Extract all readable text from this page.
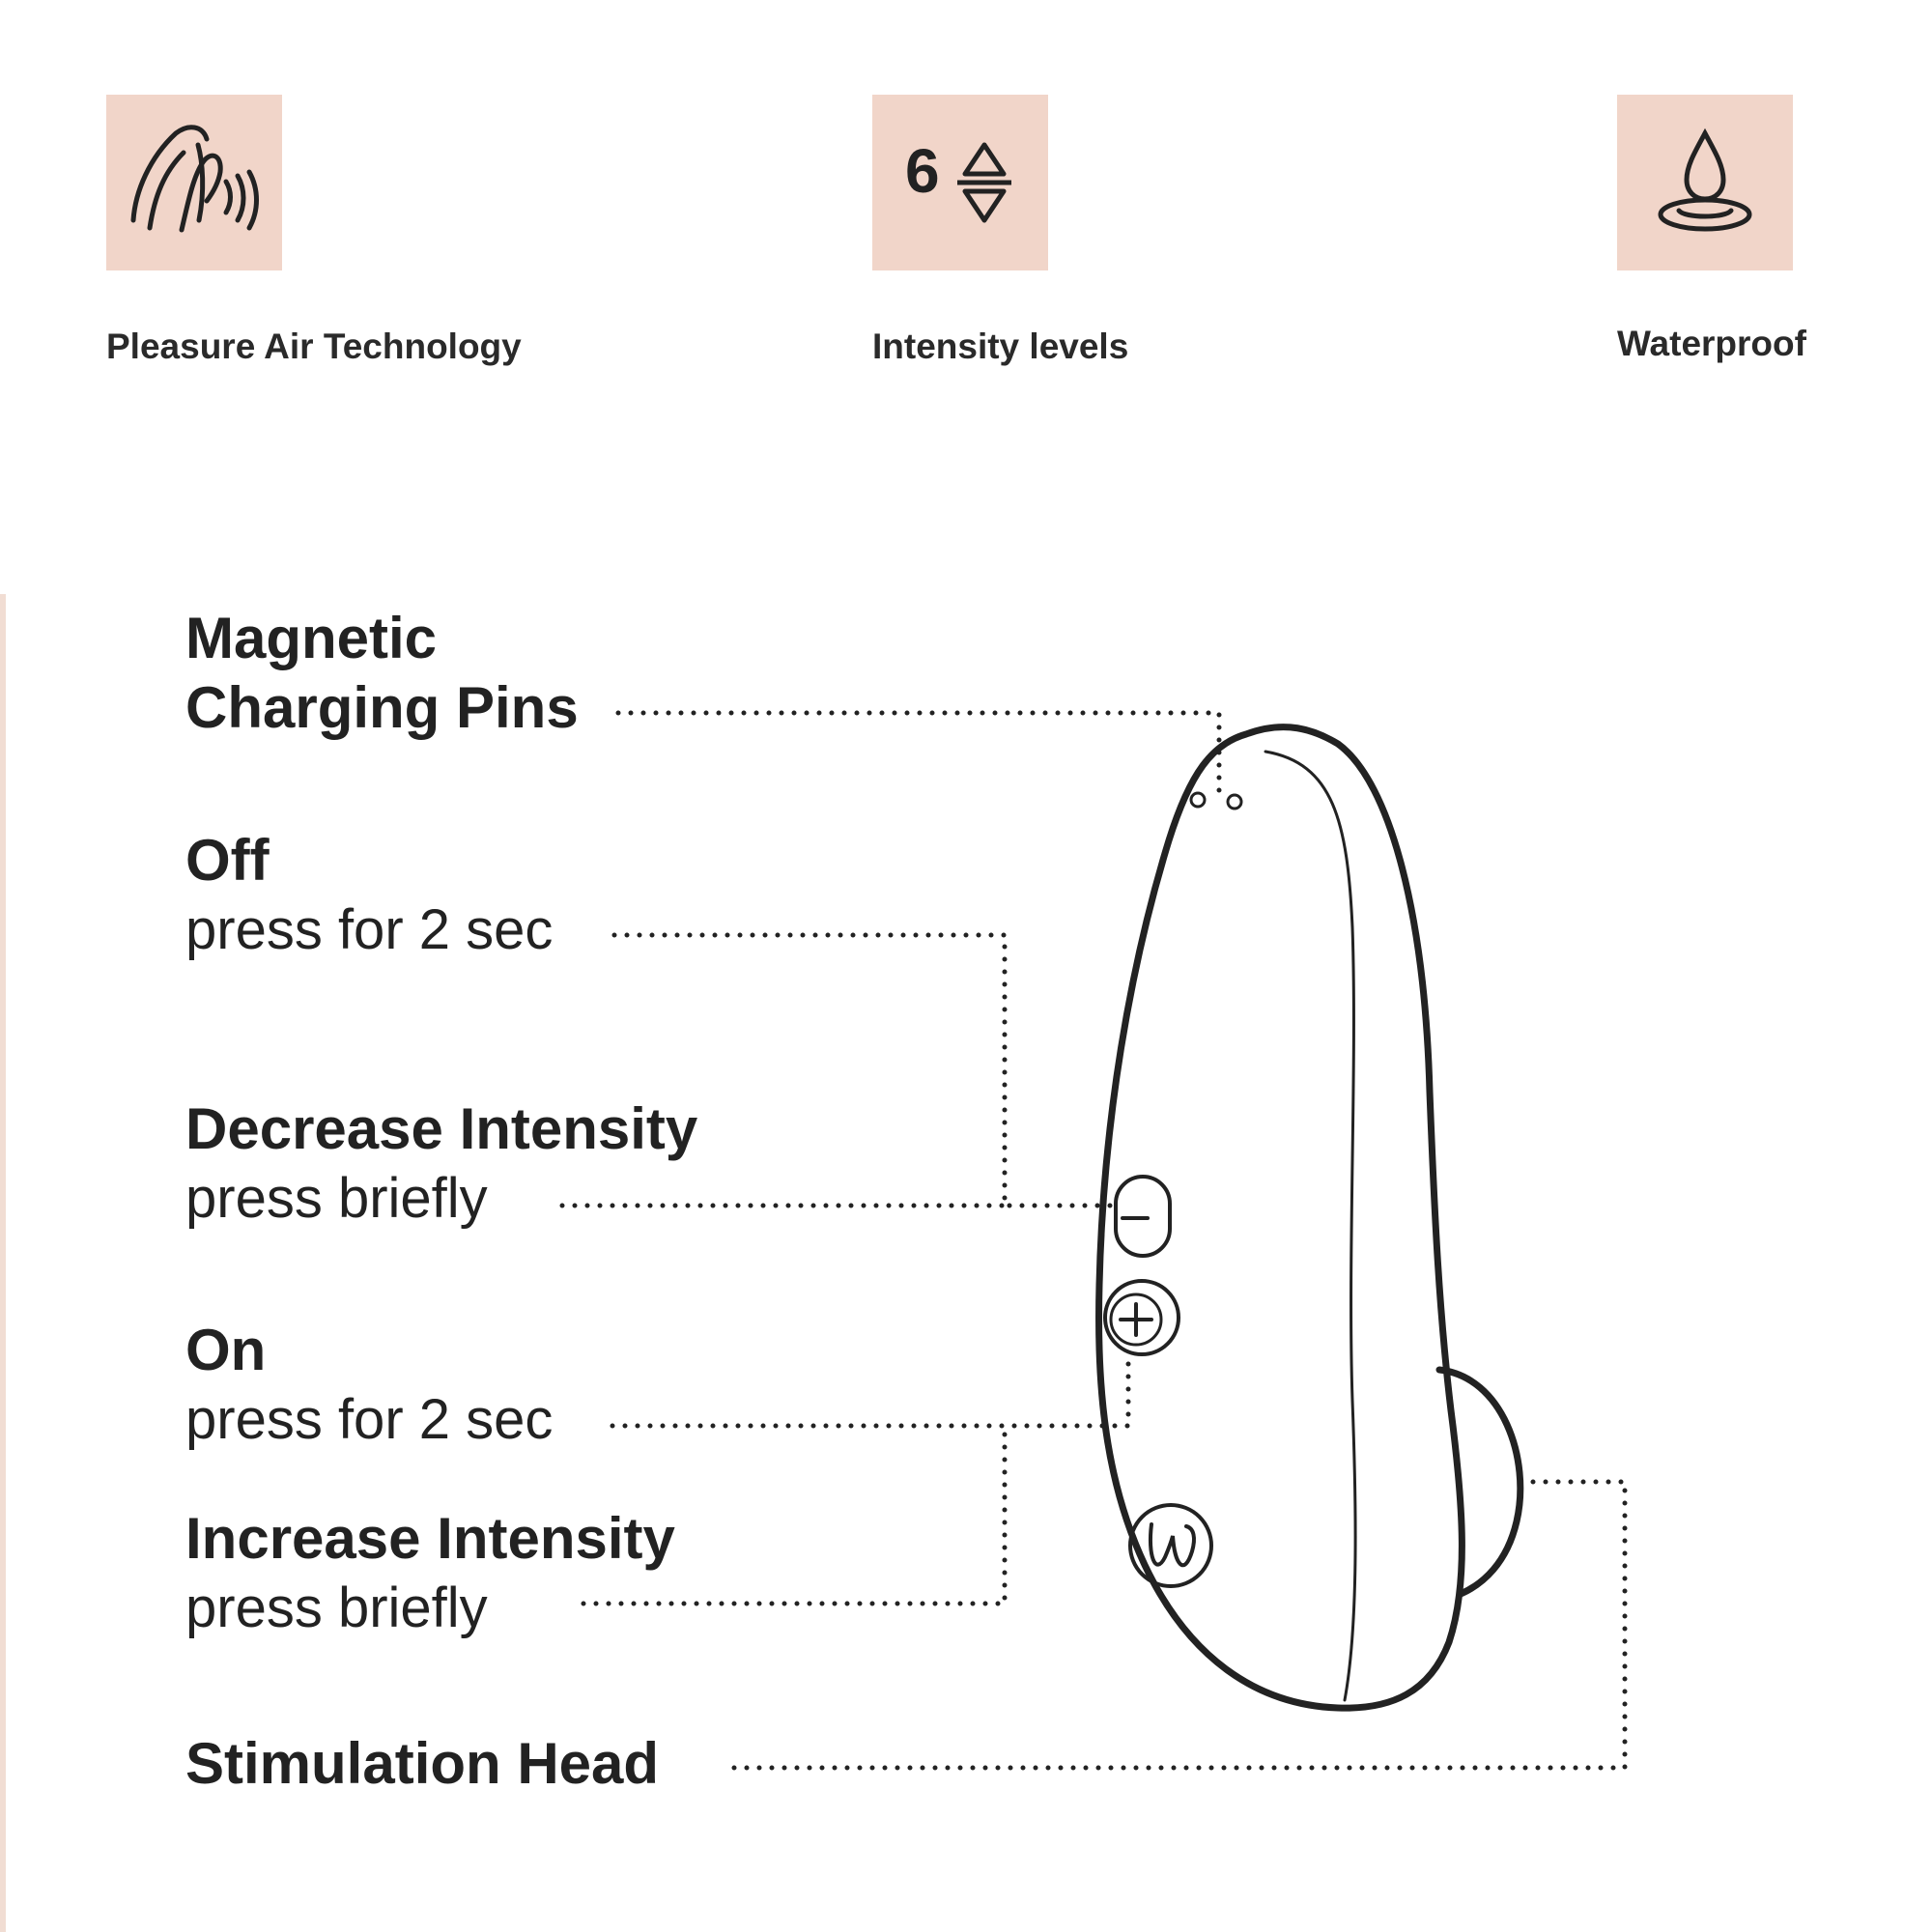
Pleasure Air Technology
6
Intensity levels	Waterproof
Magnetic
Charging Pins
Off
press for 2 sec
Decrease Intensity
press briefly
On
press for 2 sec
Increase Intensity
press briefly
Stimulation Head
